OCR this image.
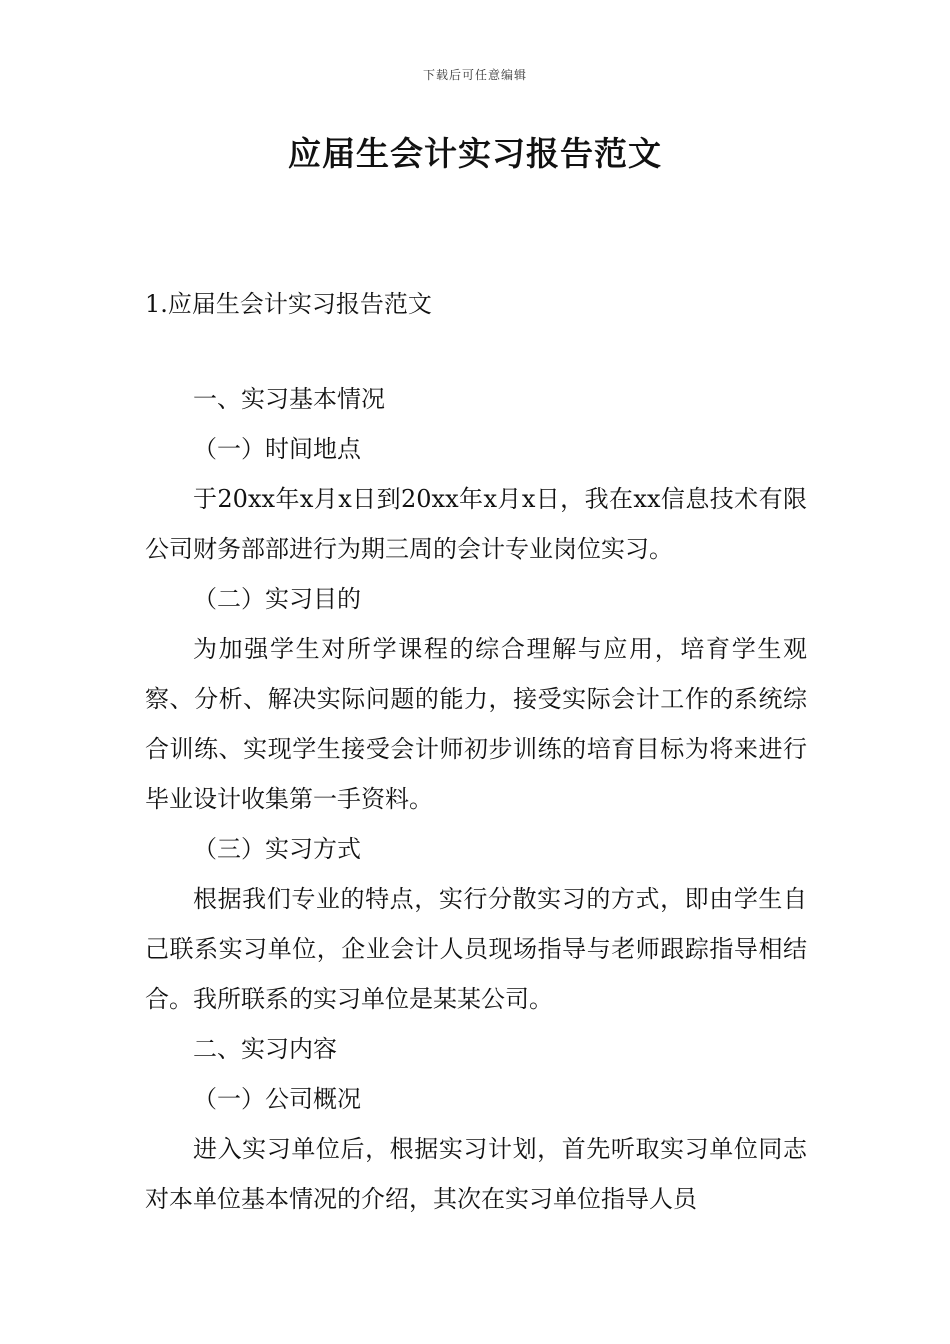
下载后可任意编辑
应届生会计实习报告范文
1.应届生会计实习报告范文

一、实习基本情况

（一）时间地点

于20xx年x月x日到20xx年x月x日，我在xx信息技术有限公司财务部部进行为期三周的会计专业岗位实习。

（二）实习目的

为加强学生对所学课程的综合理解与应用，培育学生观察、分析、解决实际问题的能力，接受实际会计工作的系统综合训练、实现学生接受会计师初步训练的培育目标为将来进行毕业设计收集第一手资料。

（三）实习方式

根据我们专业的特点，实行分散实习的方式，即由学生自己联系实习单位，企业会计人员现场指导与老师跟踪指导相结合。我所联系的实习单位是某某公司。

二、实习内容

（一）公司概况

进入实习单位后，根据实习计划，首先听取实习单位同志对本单位基本情况的介绍，其次在实习单位指导人员
